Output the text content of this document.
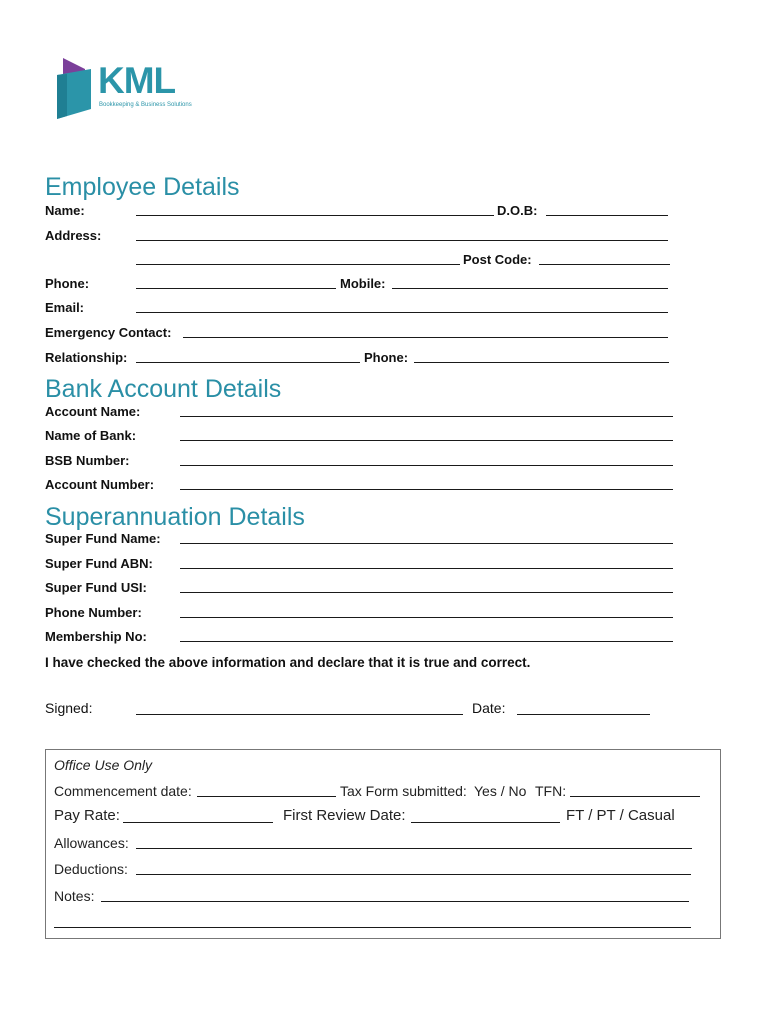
KML
Bookkeeping & Business Solutions
Employee Details
Name:	D.O.B:
Address:
Post Code:
Phone:	Mobile:
Email:
Emergency Contact:
Relationship:	Phone:
Bank Account Details
Account Name:
Name of Bank:
BSB Number:
Account Number:
Superannuation Details
Super Fund Name:
Super Fund ABN:
Super Fund USI:
Phone Number:
Membership No:
I have checked the above information and declare that it is true and correct.
Signed:	Date:
Office Use Only
Commencement date:	Tax Form submitted: Yes / No TFN:
Pay Rate:	First Review Date:	FT / PT / Casual
Allowances:
Deductions:
Notes:
